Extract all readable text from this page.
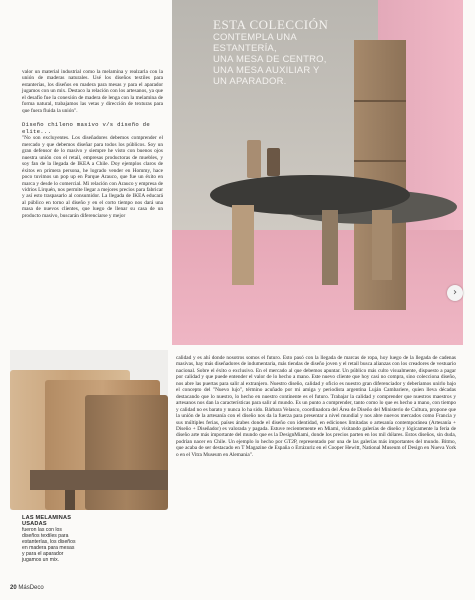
valor un material industrial como la melamina y realzarla con la unión de maderas naturales. Usé los diseños textiles para estanterías, los diseños en madera para mesas y para el aparador jugamos con un mix. Destaco la relación con los artesanos, ya que el desafío fue la conexión de madera de lenga con la melamina de forma natural, trabajamos las vetas y dirección de texturas para que fuera fluida la unión".

Diseño chileno masivo v/s diseño de elite...

"No son excluyentes. Los diseñadores debemos comprender el mercado y que debemos diseñar para todos los públicos. Soy un gran defensor de lo masivo y siempre he visto con buenos ojos nuestra unión con el retail, empresas productoras de muebles, y soy fan de la llegada de IKEA a Chile. Doy ejemplos claros de éxitos en primera persona, he logrado vender en Hommy, hace poco tuvimos un pop up en Parque Arauco, que fue un éxito en marca y desde lo comercial. Mi relación con Arauco y empresa de vidrios Lirquén, nos permite llegar a mejores precios para fabricar y así esto traspasarlo al consumidor. La llegada de IKEA educará al público en torno al diseño y en el corto tiempo nos dará una masa de nuevos clientes, que luego de llenar su casa de un producto masivo, buscarán diferenciarse y mejor

ESTA COLECCIÓN
CONTEMPLA UNA
ESTANTERÍA,
UNA MESA DE CENTRO,
UNA MESA AUXILIAR Y
UN APARADOR.
›
LAS MELAMINAS USADAS
fueron las con los diseños textiles para estanterías, los diseños en madera para mesas y para el aparador jugamos un mix.

calidad y es ahí donde nosotros somos el futuro. Esto pasó con la llegada de marcas de ropa, hoy luego de la llegada de cadenas masivas, hay más diseñadores de indumentaria, más tiendas de diseño joven y el retail busca alianzas con los creadores de vestuario nacional. Sobre el éxito o exclusivo. En el mercado al que debemos apuntar. Un público más culto visualmente, dispuesto a pagar por calidad y que puede entender el valor de lo hecho a mano. Este nuevo cliente que hoy casi no compra, sino colecciona diseño, nos abre las puertas para salir al extranjero. Nuestro diseño, calidad y oficio es nuestro gran diferenciador y deberíamos unirlo bajo el concepto del "Nuevo lujo", término acuñado por mi amiga y periodista argentina Luján Cambariere, quien lleva décadas destacando que lo nuestro, lo hecho en nuestro continente es el futuro. Trabajar la calidad y comprender que nuestros maestros y artesanos nos dan la características para salir al mundo. Es un punto a comprender, tanto como lo que es hecho a mano, con tiempo y calidad no es barato y nunca lo ha sido. Bárbara Velasco, coordinadora del Área de Diseño del Ministerio de Cultura, propone que la unión de la artesanía con el diseño nos da la fuerza para presentar a nivel mundial y nos abre nuevos mercados como Francia y sus múltiples ferias, países árabes donde el diseño con identidad, en ediciones limitadas o artesanía contemporánea (Artesanía + Diseño + Diseñador) es valorada y pagada. Estuve recientemente en Miami, visitando galerías de diseño y lógicamente la feria de diseño arte más importante del mundo que es la DesignMiami, donde los precios parten en los mil dólares. Estos diseños, sin duda, podrían nacer en Chile. Un ejemplo lo hecho por GT2P, representado por una de las galerías más importantes del mundo. Bitmo, que acaba de ser destacado en T Magazine de España o Errázuriz en el Cooper Hewitt, National Museum of Design en Nueva York o en el Vitra Museum en Alemania".

20 MásDeco
